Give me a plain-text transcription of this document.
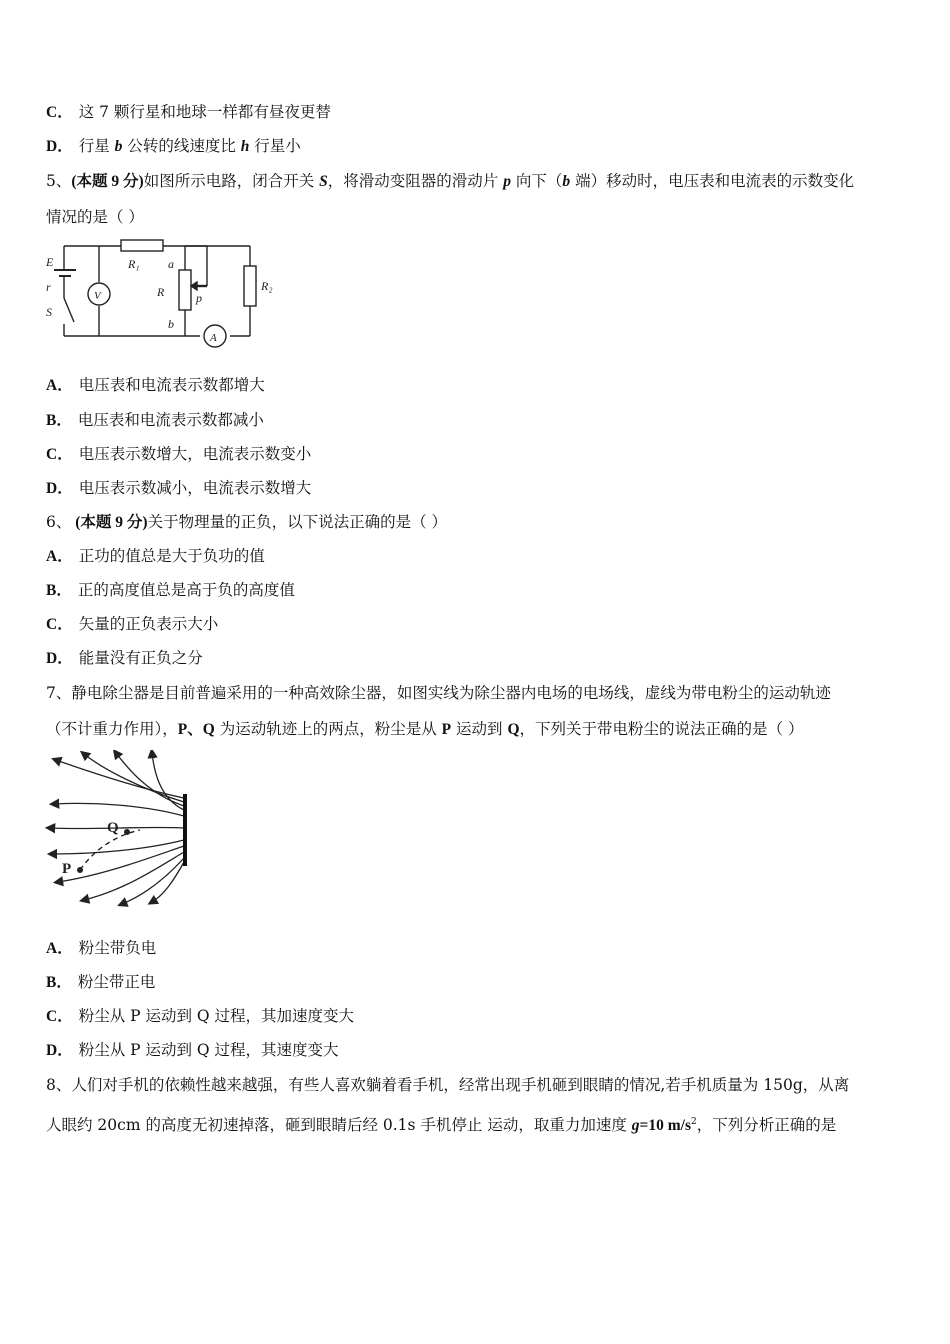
C． 这 7 颗行星和地球一样都有昼夜更替
D． 行星 b 公转的线速度比 h 行星小
5、(本题 9 分)如图所示电路，闭合开关 S，将滑动变阻器的滑动片 p 向下（b 端）移动时，电压表和电流表的示数变化
情况的是（ ）
E
r
S
R₁ a
R	p
b
R₂
V
A
A． 电压表和电流表示数都增大
B． 电压表和电流表示数都减小
C． 电压表示数增大，电流表示数变小
D． 电压表示数减小，电流表示数增大
6、 (本题 9 分)关于物理量的正负，以下说法正确的是（ ）
A． 正功的值总是大于负功的值
B． 正的高度值总是高于负的高度值
C． 矢量的正负表示大小
D． 能量没有正负之分
7、静电除尘器是目前普遍采用的一种高效除尘器，如图实线为除尘器内电场的电场线，虚线为带电粉尘的运动轨迹
（不计重力作用），P、Q 为运动轨迹上的两点，粉尘是从 P 运动到 Q，下列关于带电粉尘的说法正确的是（ ）
Q
P
A． 粉尘带负电
B． 粉尘带正电
C． 粉尘从 P 运动到 Q 过程，其加速度变大
D． 粉尘从 P 运动到 Q 过程，其速度变大
8、人们对手机的依赖性越来越强，有些人喜欢躺着看手机，经常出现手机砸到眼睛的情况,若手机质量为 150g，从离
人眼约 20cm 的高度无初速掉落，砸到眼睛后经 0.1s 手机停止 运动，取重力加速度 g=10 $m/s^2$，下列分析正确的是
